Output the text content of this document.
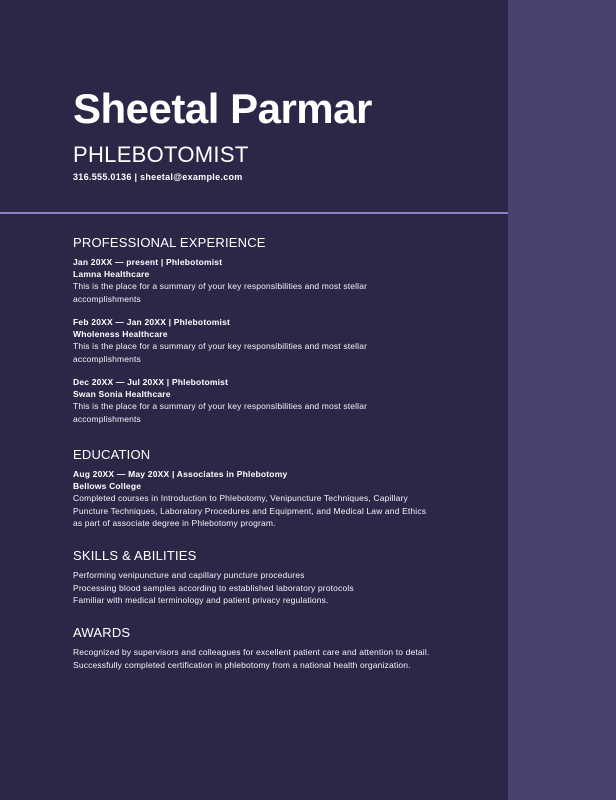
Sheetal Parmar
PHLEBOTOMIST
316.555.0136 | sheetal@example.com
PROFESSIONAL EXPERIENCE
Jan 20XX — present | Phlebotomist
Lamna Healthcare
This is the place for a summary of your key responsibilities and most stellar accomplishments
Feb 20XX — Jan 20XX | Phlebotomist
Wholeness Healthcare
This is the place for a summary of your key responsibilities and most stellar accomplishments
Dec 20XX — Jul 20XX | Phlebotomist
Swan Sonia Healthcare
This is the place for a summary of your key responsibilities and most stellar accomplishments
EDUCATION
Aug 20XX — May 20XX | Associates in Phlebotomy
Bellows College
Completed courses in Introduction to Phlebotomy, Venipuncture Techniques, Capillary Puncture Techniques, Laboratory Procedures and Equipment, and Medical Law and Ethics as part of associate degree in Phlebotomy program.
SKILLS & ABILITIES
Performing venipuncture and capillary puncture procedures
Processing blood samples according to established laboratory protocols
Familiar with medical terminology and patient privacy regulations.
AWARDS
Recognized by supervisors and colleagues for excellent patient care and attention to detail. Successfully completed certification in phlebotomy from a national health organization.
